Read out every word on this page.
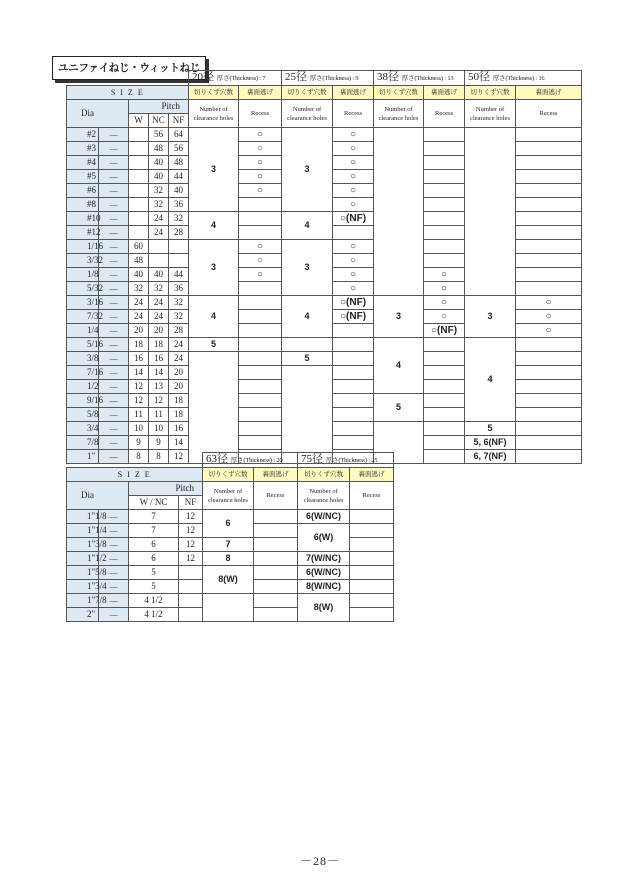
ユニファイねじ・ウィットねじ
					20径 厚さ(Thickness) : 7		25径 厚さ(Thickness) : 9		38径 厚さ(Thickness) : 13		50径 厚さ(Thickness) : 16	
S I Z E					切りくず穴数	裏面逃げ	切りくず穴数	裏面逃げ	切りくず穴数	裏面逃げ	切りくず穴数	裏面逃げ
Dia		Pitch			Number of
clearance holes	Recess	Number of
clearance holes	Recess	Number of
clearance holes	Recess	Number of
clearance holes	Recess
		W	NC	NF								
#2	―		56	64	3	○	3	○				
#3	―		48	56		○		○				
#4	―		40	48		○		○				
#5	―		40	44		○		○				
#6	―		32	40		○		○				
#8	―		32	36				○				
#10	―		24	32	4		4	○(NF)				
#12	―		24	28								
1/16	―	60			3	○	3	○				
3/32	―	48				○		○				
1/8	―	40	40	44		○		○		○		
5/32	―	32	32	36				○		○		
3/16	―	24	24	32	4		4	○(NF)	3	○	3	○
7/32	―	24	24	32				○(NF)		○		○
1/4	―	20	20	28						○(NF)		○
5/16	―	18	18	24	5				4		4	
3/8	―	16	16	24			5					
7/16	―	14	14	20								
1/2	―	12	13	20								
9/16	―	12	12	18					5			
5/8	―	11	11	18								
3/4	―	10	10	16							5	
7/8	―	9	9	14							5, 6(NF)	
1"	―	8	8	12							6, 7(NF)	
				63径 厚さ(Thickness) : 20		75径 厚さ(Thickness) : 25	
S I Z E				切りくず穴数	裏面逃げ	切りくず穴数	裏面逃げ
Dia		Pitch		Number of
clearance holes	Recess	Number of
clearance holes	Recess
		W / NC	NF				
1"1/8	―	7	12	6		6(W/NC)	
1"1/4	―	7	12			6(W)	
1"3/8	―	6	12	7			
1"1/2	―	6	12	8		7(W/NC)	
1"5/8	―	5		8(W)		6(W/NC)	
1"3/4	―	5				8(W/NC)	
1"7/8	―	4 1/2				8(W)	
2"	―	4 1/2					
－28－
